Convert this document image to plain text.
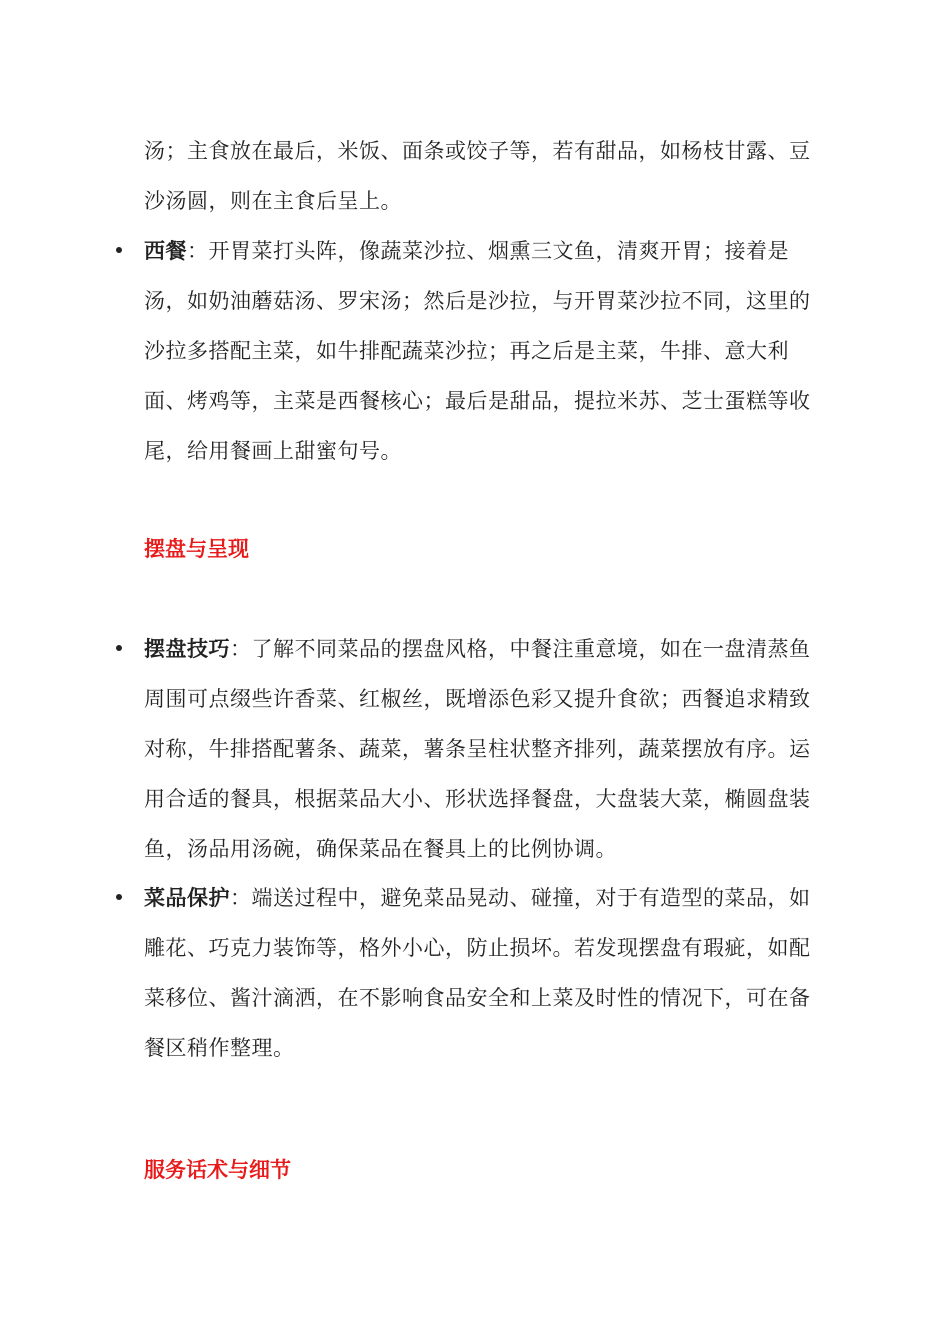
汤；主食放在最后，米饭、面条或饺子等，若有甜品，如杨枝甘露、豆沙汤圆，则在主食后呈上。
西餐：开胃菜打头阵，像蔬菜沙拉、烟熏三文鱼，清爽开胃；接着是汤，如奶油蘑菇汤、罗宋汤；然后是沙拉，与开胃菜沙拉不同，这里的沙拉多搭配主菜，如牛排配蔬菜沙拉；再之后是主菜，牛排、意大利面、烤鸡等，主菜是西餐核心；最后是甜品，提拉米苏、芝士蛋糕等收尾，给用餐画上甜蜜句号。
摆盘与呈现
摆盘技巧：了解不同菜品的摆盘风格，中餐注重意境，如在一盘清蒸鱼周围可点缀些许香菜、红椒丝，既增添色彩又提升食欲；西餐追求精致对称，牛排搭配薯条、蔬菜，薯条呈柱状整齐排列，蔬菜摆放有序。运用合适的餐具，根据菜品大小、形状选择餐盘，大盘装大菜，椭圆盘装鱼，汤品用汤碗，确保菜品在餐具上的比例协调。
菜品保护：端送过程中，避免菜品晃动、碰撞，对于有造型的菜品，如雕花、巧克力装饰等，格外小心，防止损坏。若发现摆盘有瑕疵，如配菜移位、酱汁滴洒，在不影响食品安全和上菜及时性的情况下，可在备餐区稍作整理。
服务话术与细节
